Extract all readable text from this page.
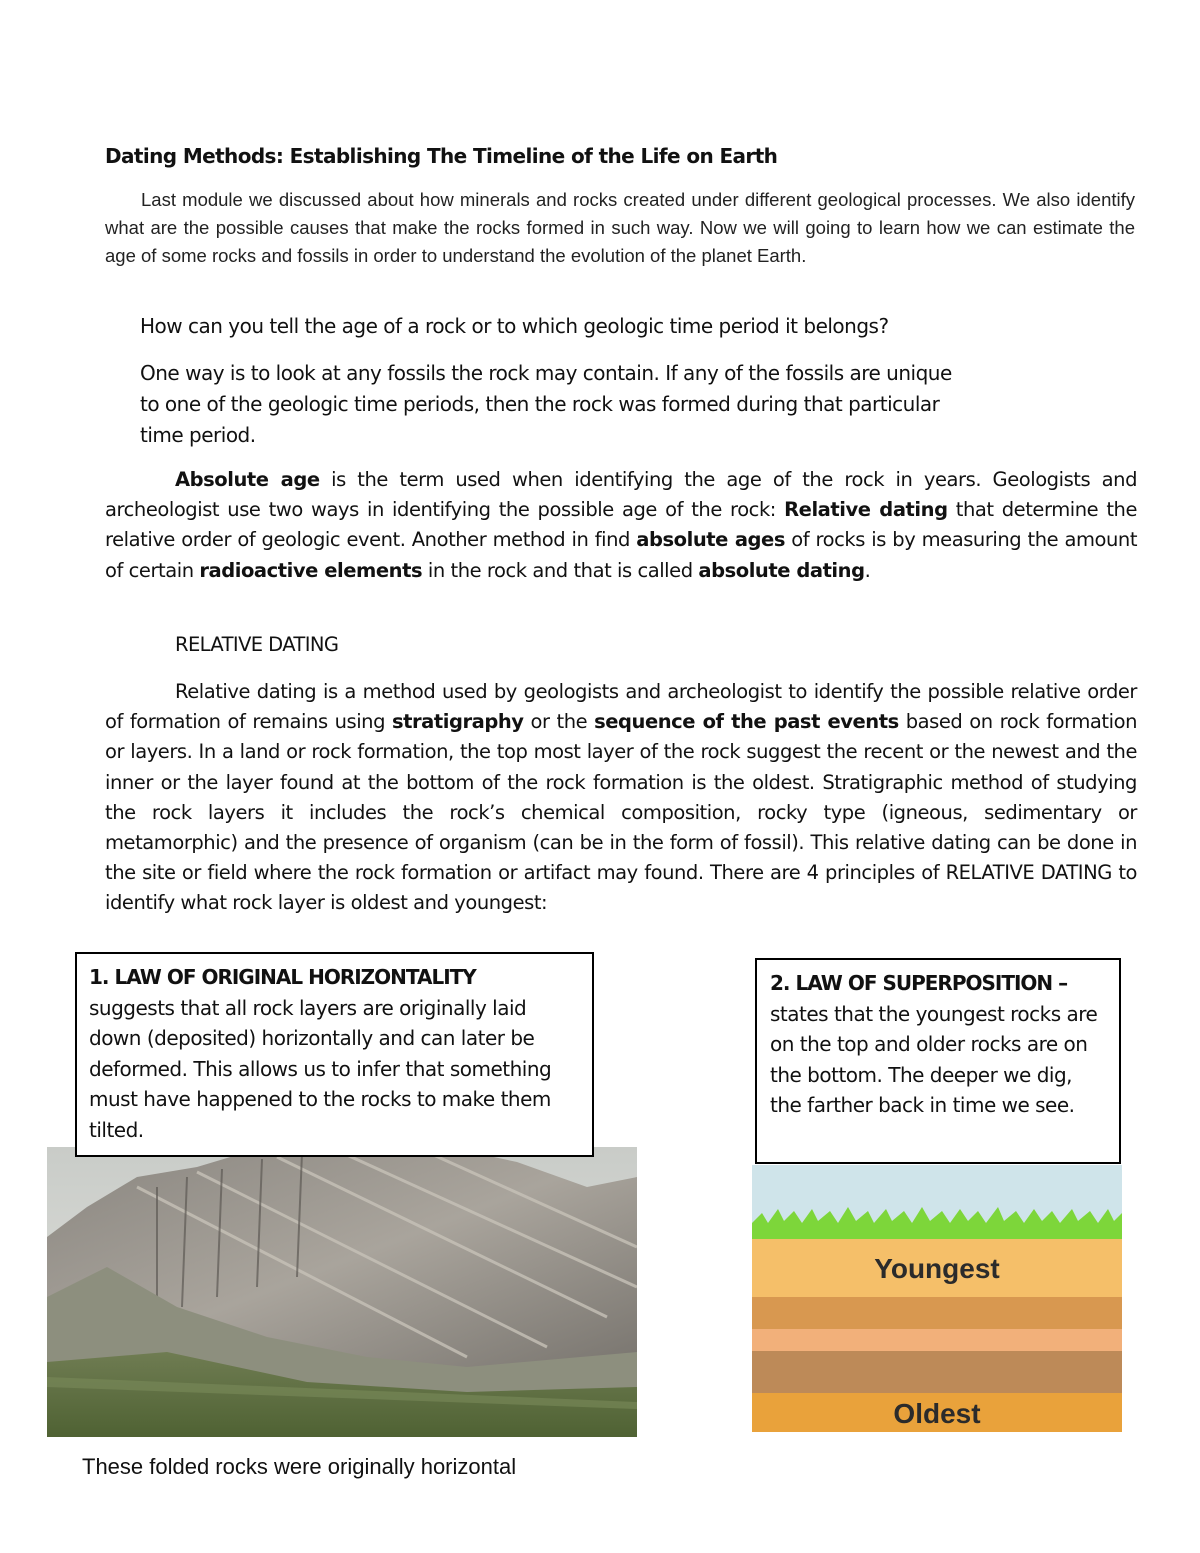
Dating Methods: Establishing The Timeline of the Life on Earth
Last module we discussed about how minerals and rocks created under different geological processes. We also identify what are the possible causes that make the rocks formed in such way. Now we will going to learn how we can estimate the age of some rocks and fossils in order to understand the evolution of the planet Earth.
How can you tell the age of a rock or to which geologic time period it belongs?
One way is to look at any fossils the rock may contain. If any of the fossils are unique
to one of the geologic time periods, then the rock was formed during that particular
time period.
Absolute age is the term used when identifying the age of the rock in years. Geologists and archeologist use two ways in identifying the possible age of the rock: Relative dating that determine the relative order of geologic event. Another method in find absolute ages of rocks is by measuring the amount of certain radioactive elements in the rock and that is called absolute dating.
RELATIVE DATING
Relative dating is a method used by geologists and archeologist to identify the possible relative order of formation of remains using stratigraphy or the sequence of the past events based on rock formation or layers. In a land or rock formation, the top most layer of the rock suggest the recent or the newest and the inner or the layer found at the bottom of the rock formation is the oldest. Stratigraphic method of studying the rock layers it includes the rock’s chemical composition, rocky type (igneous, sedimentary or metamorphic) and the presence of organism (can be in the form of fossil). This relative dating can be done in the site or field where the rock formation or artifact may found. There are 4 principles of RELATIVE DATING to identify what rock layer is oldest and youngest:
1. LAW OF ORIGINAL HORIZONTALITY
suggests that all rock layers are originally laid down (deposited) horizontally and can later be deformed. This allows us to infer that something must have happened to the rocks to make them tilted.
2. LAW OF SUPERPOSITION –
states that the youngest rocks are on the top and older rocks are on the bottom. The deeper we dig, the farther back in time we see.
Youngest
Oldest
These folded rocks were originally horizontal
